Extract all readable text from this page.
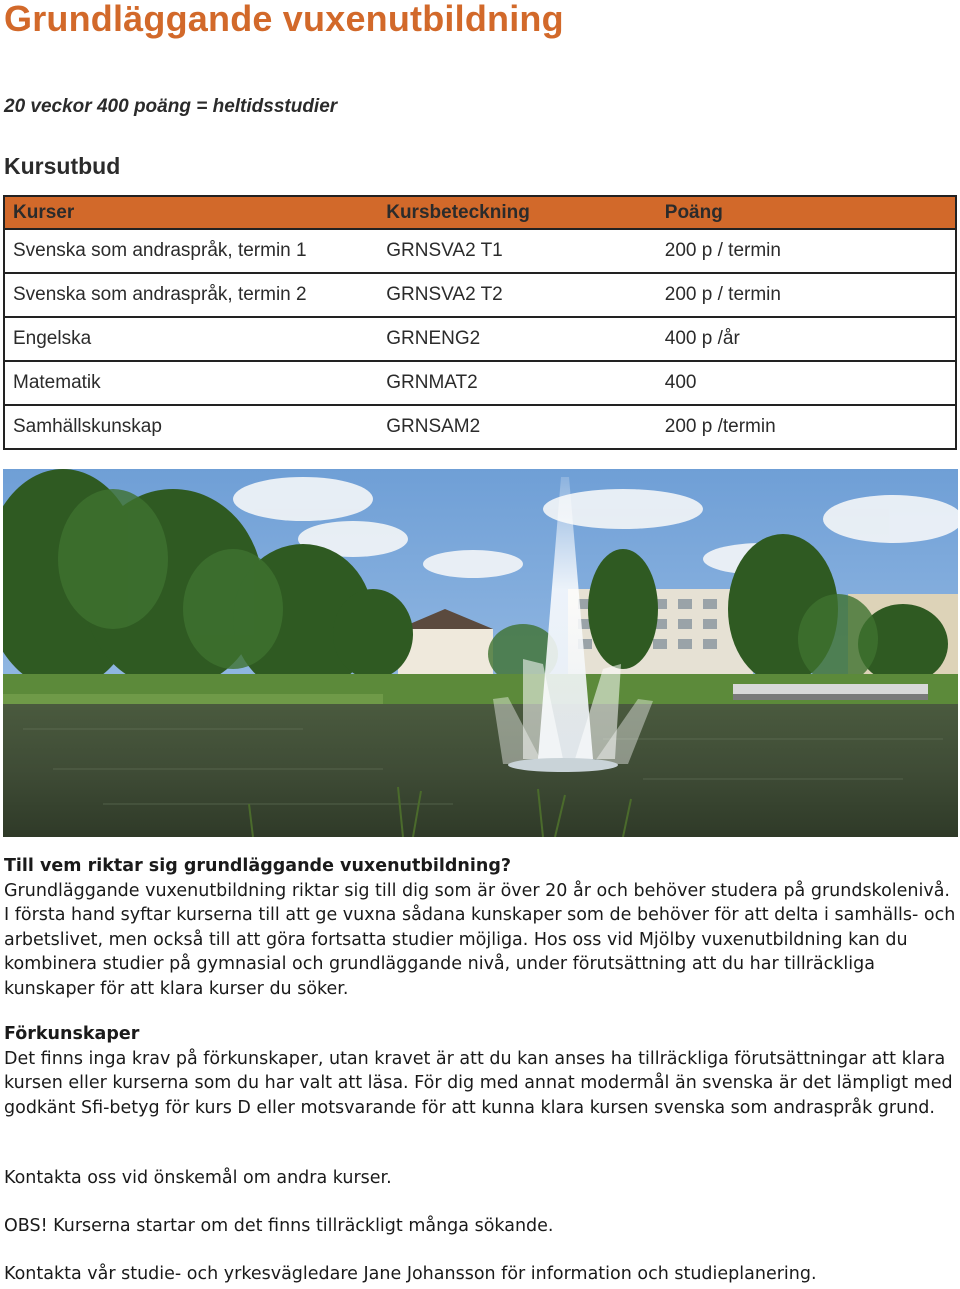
Grundläggande vuxenutbildning

20 veckor 400 poäng = heltidsstudier

Kursutbud
Kurser	Kursbeteckning	Poäng
Svenska som andraspråk, termin 1	GRNSVA2 T1	200 p / termin
Svenska som andraspråk, termin 2	GRNSVA2 T2	200 p / termin
Engelska	GRNENG2	400 p /år
Matematik	GRNMAT2	400
Samhällskunskap	GRNSAM2	200 p /termin

Till vem riktar sig grundläggande vuxenutbildning?
Grundläggande vuxenutbildning riktar sig till dig som är över 20 år och behöver studera på grundskolenivå. I första hand syftar kurserna till att ge vuxna sådana kunskaper som de behöver för att delta i samhälls- och arbetslivet, men också till att göra fortsatta studier möjliga. Hos oss vid Mjölby vuxenutbildning kan du kombinera studier på gymnasial och grundläggande nivå, under förutsättning att du har tillräckliga kunskaper för att klara kurser du söker.

Förkunskaper
Det finns inga krav på förkunskaper, utan kravet är att du kan anses ha tillräckliga förutsättningar att klara kursen eller kurserna som du har valt att läsa. För dig med annat modermål än svenska är det lämpligt med godkänt Sfi-betyg för kurs D eller motsvarande för att kunna klara kursen svenska som andraspråk grund.

Kontakta oss vid önskemål om andra kurser.

OBS! Kurserna startar om det finns tillräckligt många sökande.

Kontakta vår studie- och yrkesvägledare Jane Johansson för information och studieplanering.
